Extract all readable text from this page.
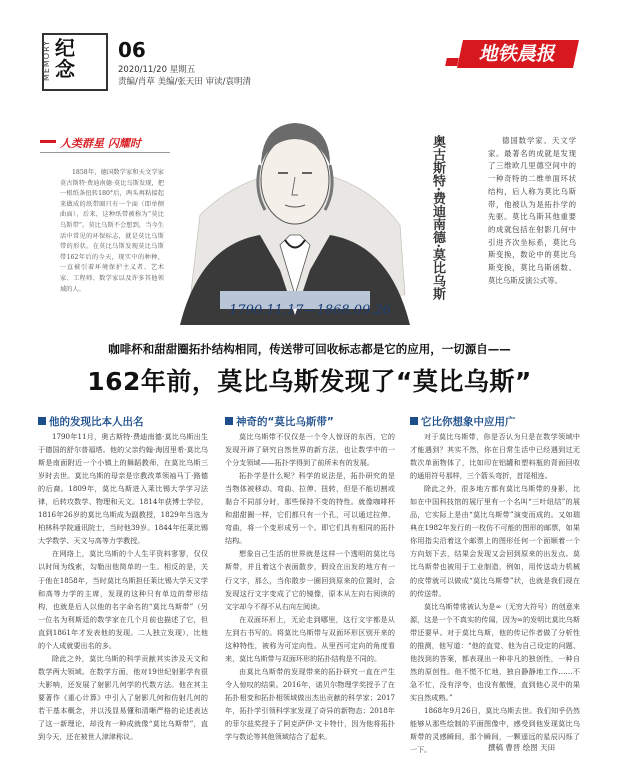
纪念
MEMORY	06
2020/11/20 星期五
责编/肖草 美编/张天田 审读/袁明清
地铁晨报
人类群星 闪耀时
1858年，德国数学家和天文学家莫古斯特·费迪南德·莫比乌斯发现，把一根纸条扭转180°后，两头再粘接起来做成的纸带圈只有一个面（即单侧曲面），后来，这种纸带被称为“莫比乌斯带”。莫比乌斯不会想到，当今生活中常见的环保标志，就是莫比乌斯带的形状。在莫比乌斯发现莫比乌斯带162年后的今天，现实中的种种，一直被引着环境保护主义者、艺术家、工程师、数学家以及许多其他领域的人。
1790.11.17—1868.09.26
奥古斯特·费迪南德·莫比乌斯	德国数学家、天文学家。最著名的成就是发现了三维欧几里德空间中的一种奇特的二维单面环状结构，后人称为莫比乌斯带，他被认为是拓扑学的先驱。莫比乌斯其他重要的成就包括在射影几何中引进齐次坐标系，莫比乌斯变换，数论中的莫比乌斯变换，莫比乌斯函数、莫比乌斯反演公式等。
咖啡杯和甜甜圈拓扑结构相同，传送带可回收标志都是它的应用，一切源自——
162年前，莫比乌斯发现了“莫比乌斯”
他的发现比本人出名

1790年11月，奥古斯特·费迪南德·莫比乌斯出生于德国的舒尔普福塔。他的父亲约翰·海因里希·莫比乌斯是南面附近一个小镇上的舞蹈教师，在莫比乌斯三岁时去世。莫比乌斯的母亲是宗教改革领袖马丁·路德的后裔。1809年，莫比乌斯进入莱比锡大学学习法律，后转攻数学、物理和天文。1814年获博士学位，1816年26岁的莫比乌斯成为副教授，1829年当选为柏林科学院通讯院士，当时他39岁。1844年任莱比锡大学数学、天文与高等力学教授。

在网络上，莫比乌斯的个人生平资料寥寥，仅仅以时间为线索，勾勒出他简单的一生。相反的是，关于他在1858年，当时莫比乌斯担任莱比锡大学天文学和高等力学的主席，发现的这种只有单边的带形结构，也就是后人以他的名字命名的“莫比乌斯带”（另一位名为利斯廷的数学家在几个月前也描述了它，但直到1861年才发表他的发现。二人独立发现），比他的个人成就要出名的多。

除此之外，莫比乌斯的科学贡献其实涉及天文和数学两大领域。在数学方面，他对19世纪射影学有很大影响，还发展了射影几何学的代数方法。他在其主要著作《重心计算》中引入了射影几何和仿射几何的若干基本概念，并以浅显易懂和清晰严格的论述表达了这一新理论，却没有一种成就像“莫比乌斯带”，直到今天，还在被世人津津称议。

神奇的“莫比乌斯带”

莫比乌斯带不仅仅是一个令人惊讶的东西，它的发现开辟了研究自然世界的新方法，也让数学中的一个分支领域——拓扑学得到了前所未有的发展。

拓扑学是什么呢？科学的说法是，拓扑研究的是当物体被移动、弯曲、拉伸、扭转，但是不能切割或黏合不同部分时，那些保持不变的特性。就像咖啡杯和甜甜圈一样，它们都只有一个孔，可以通过拉伸、弯曲，将一个变形成另一个。即它们具有相同的拓扑结构。

想象自己生活的世界就是这样一个透明的莫比乌斯带，并且着这个表面散步，假设在出发的地方有一行文字，那么，当你散步一圈回到原来的位置时，会发现这行文字变成了它的镜像，原本从左向右阅读的文字却今不得不从右向左阅读。

在双面环形上，无论走到哪里，这行文字都是从左到右书写的。将莫比乌斯带与双面环形区别开来的这种特性，被称为可定向性。从里西可定向的角度看来，莫比乌斯带与双面环形的拓扑结构是不同的。

由莫比乌斯带的发现带来的拓扑研究一直在产生令人惊叹的结果。2016年，诺贝尔物理学奖授予了在拓扑相变和拓扑相领域做出杰出贡献的科学家；2017年，拓扑学引领科学家发现了奇异的新物态；2018年的菲尔兹奖授予了阿克萨伊·文卡特什，因为他将拓扑学与数论等其他领域结合了起来。

它比你想象中应用广

对于莫比乌斯带，你是否认为只是在数学领域中才能遇到？其实不然，你在日常生活中已经遇到过无数次单面物体了，比如印在铝罐和塑料瓶的背面回收的通用符号那样，三个箭头弯折，首尾相连。

除此之外，很多地方都有莫比乌斯带的身影，比如在中国科技馆的展厅里有一个名叫“三叶纽结”的展品，它实际上是由“莫比乌斯带”演变而成的。又如瑞典在1982年发行的一枚仿不可能的图形的邮票，如果你用指尖沿着这个邮票上的图形任何一个面顺着一个方向划下去，结果会发现又会回到原来的出发点。莫比乌斯带也被用于工业制造，例如，用传送动力机械的皮带就可以做成“莫比乌斯带”状，也就是我们现在的传送带。

莫比乌斯带常被认为是∞（无穷大符号）的创意来源，这是一个不真实的传闻，因为∞的发明比莫比乌斯带还要早。对于莫比乌斯，他的传记作者做了分析性的推测，他写道：“他的直觉、他为自己设定的问题、他找到的答案，都表现出一种非凡的独创性，一种自然的原创性。他不慌不忙地，独自静静地工作……不急不忙，没有浮夸，也没有傲慢，直到他心灵中的果实自然成熟。”

1868年9月26日，莫比乌斯去世。我们知乎仍然能够从那些绘制的平面图像中，感受到他发现莫比乌斯带的灵感瞬间，那个瞬间，一颗遥远的星辰闪烁了一下。	撰稿 曹晋 绘图 天田
